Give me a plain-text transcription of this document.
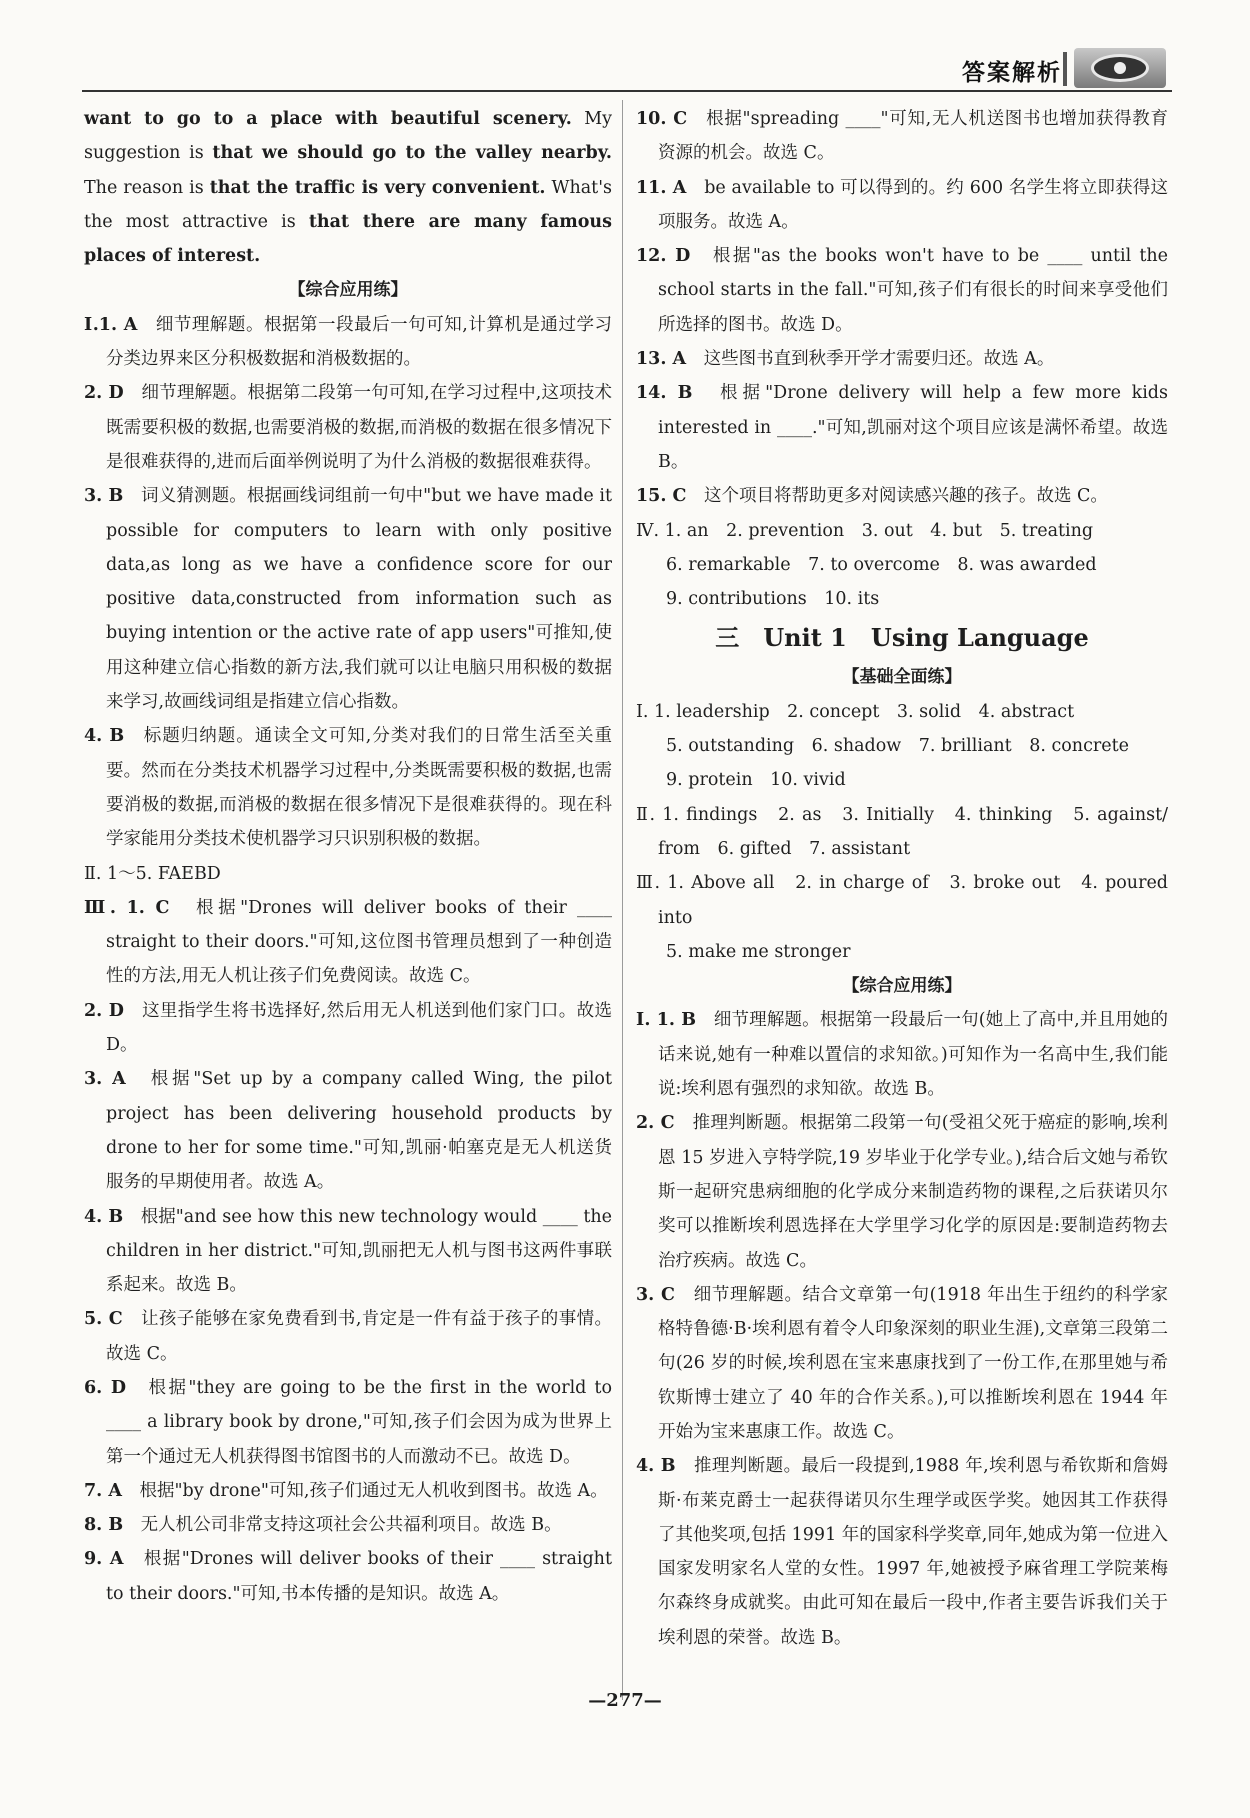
答案解析

want to go to a place with beautiful scenery. My suggestion is that we should go to the valley nearby. The reason is that the traffic is very convenient. What's the most attractive is that there are many famous places of interest.

【综合应用练】

Ⅰ.1. A　细节理解题。根据第一段最后一句可知,计算机是通过学习分类边界来区分积极数据和消极数据的。

2. D　细节理解题。根据第二段第一句可知,在学习过程中,这项技术既需要积极的数据,也需要消极的数据,而消极的数据在很多情况下是很难获得的,进而后面举例说明了为什么消极的数据很难获得。

3. B　词义猜测题。根据画线词组前一句中"but we have made it possible for computers to learn with only positive data,as long as we have a confidence score for our positive data,constructed from information such as buying intention or the active rate of app users"可推知,使用这种建立信心指数的新方法,我们就可以让电脑只用积极的数据来学习,故画线词组是指建立信心指数。

4. B　标题归纳题。通读全文可知,分类对我们的日常生活至关重要。然而在分类技术机器学习过程中,分类既需要积极的数据,也需要消极的数据,而消极的数据在很多情况下是很难获得的。现在科学家能用分类技术使机器学习只识别积极的数据。

Ⅱ. 1～5. FAEBD

Ⅲ. 1. C　根据"Drones will deliver books of their ____ straight to their doors."可知,这位图书管理员想到了一种创造性的方法,用无人机让孩子们免费阅读。故选 C。

2. D　这里指学生将书选择好,然后用无人机送到他们家门口。故选 D。

3. A　根据"Set up by a company called Wing, the pilot project has been delivering household products by drone to her for some time."可知,凯丽·帕塞克是无人机送货服务的早期使用者。故选 A。

4. B　根据"and see how this new technology would ____ the children in her district."可知,凯丽把无人机与图书这两件事联系起来。故选 B。

5. C　让孩子能够在家免费看到书,肯定是一件有益于孩子的事情。故选 C。

6. D　根据"they are going to be the first in the world to ____ a library book by drone,"可知,孩子们会因为成为世界上第一个通过无人机获得图书馆图书的人而激动不已。故选 D。

7. A　根据"by drone"可知,孩子们通过无人机收到图书。故选 A。

8. B　无人机公司非常支持这项社会公共福利项目。故选 B。

9. A　根据"Drones will deliver books of their ____ straight to their doors."可知,书本传播的是知识。故选 A。

10. C　根据"spreading ____"可知,无人机送图书也增加获得教育资源的机会。故选 C。

11. A　be available to 可以得到的。约 600 名学生将立即获得这项服务。故选 A。

12. D　根据"as the books won't have to be ____ until the school starts in the fall."可知,孩子们有很长的时间来享受他们所选择的图书。故选 D。

13. A　这些图书直到秋季开学才需要归还。故选 A。

14. B　根据"Drone delivery will help a few more kids interested in ____."可知,凯丽对这个项目应该是满怀希望。故选 B。

15. C　这个项目将帮助更多对阅读感兴趣的孩子。故选 C。

Ⅳ. 1. an　2. prevention　3. out　4. but　5. treating

6. remarkable　7. to overcome　8. was awarded

9. contributions　10. its

三　Unit 1　Using Language

【基础全面练】

Ⅰ. 1. leadership　2. concept　3. solid　4. abstract

5. outstanding　6. shadow　7. brilliant　8. concrete

9. protein　10. vivid

Ⅱ. 1. findings　2. as　3. Initially　4. thinking　5. against/ from　6. gifted　7. assistant

Ⅲ. 1. Above all　2. in charge of　3. broke out　4. poured into

5. make me stronger

【综合应用练】

Ⅰ. 1. B　细节理解题。根据第一段最后一句(她上了高中,并且用她的话来说,她有一种难以置信的求知欲。)可知作为一名高中生,我们能说:埃利恩有强烈的求知欲。故选 B。

2. C　推理判断题。根据第二段第一句(受祖父死于癌症的影响,埃利恩 15 岁进入亨特学院,19 岁毕业于化学专业。),结合后文她与希钦斯一起研究患病细胞的化学成分来制造药物的课程,之后获诺贝尔奖可以推断埃利恩选择在大学里学习化学的原因是:要制造药物去治疗疾病。故选 C。

3. C　细节理解题。结合文章第一句(1918 年出生于纽约的科学家格特鲁德·B·埃利恩有着令人印象深刻的职业生涯),文章第三段第二句(26 岁的时候,埃利恩在宝来惠康找到了一份工作,在那里她与希钦斯博士建立了 40 年的合作关系。),可以推断埃利恩在 1944 年开始为宝来惠康工作。故选 C。

4. B　推理判断题。最后一段提到,1988 年,埃利恩与希钦斯和詹姆斯·布莱克爵士一起获得诺贝尔生理学或医学奖。她因其工作获得了其他奖项,包括 1991 年的国家科学奖章,同年,她成为第一位进入国家发明家名人堂的女性。1997 年,她被授予麻省理工学院莱梅尔森终身成就奖。由此可知在最后一段中,作者主要告诉我们关于埃利恩的荣誉。故选 B。

—277—
